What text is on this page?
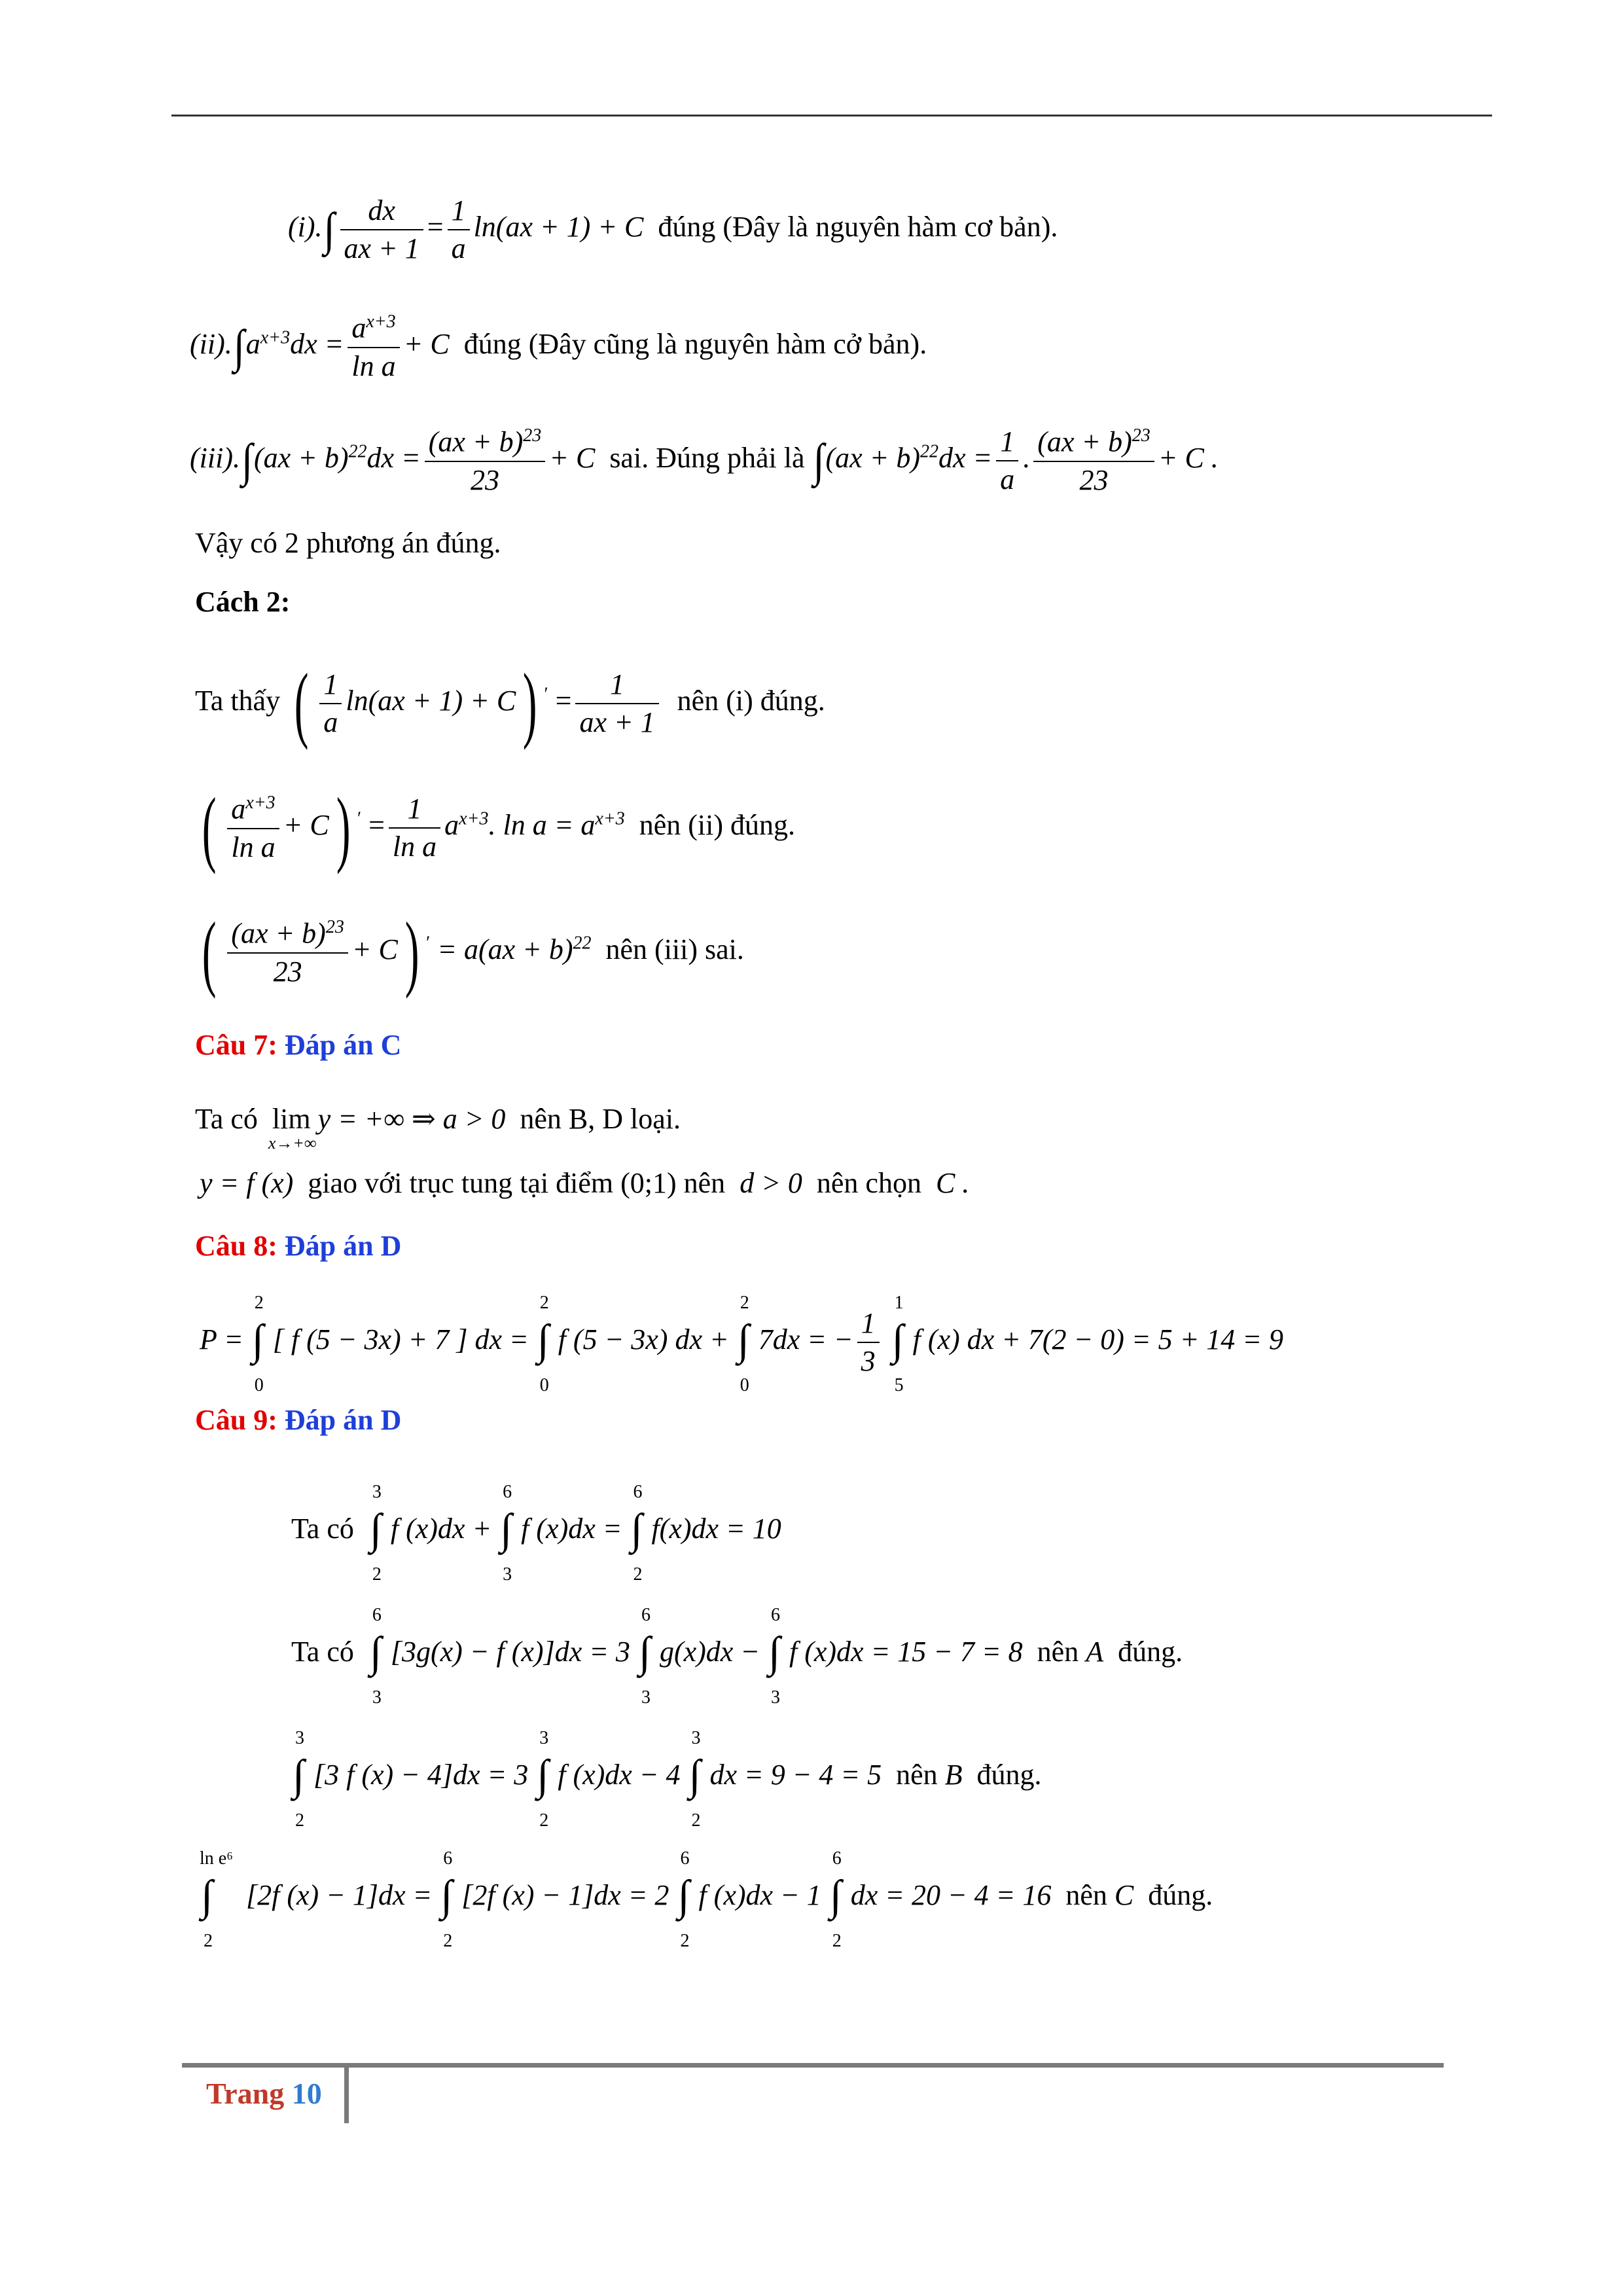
$(i).\int \frac{dx}{ax + 1} = \frac{1}{a} \ln(ax + 1) + C$ đúng (Đây là nguyên hàm cơ bản).
$(ii).\int a^{x+3}dx = \frac{a^{x+3}}{\text{ln a}} + C$ đúng (Đây cũng là nguyên hàm cở bản).
$(iii).\int(ax + b)^{22}dx = \frac{(ax + b)^{23}}{23} + C$ sai. Đúng phải là $\int(ax + b)^{22}dx = \frac{1}{a}$ . $\frac{(ax + b)^{23}}{23} + C$ .
Vậy có 2 phương án đúng.
Cách 2:
Ta thấy ( $\frac{1}{a} \ln(ax + 1) + C$) $' = \frac{1}{ax + 1}$ nên (i) đúng.
( $\frac{a^{x+3}}{\text{ln a}} + C$) $' = \frac{1}{\text{ln a}} a^{x+3}$. $\ln a = a^{x+3}$ nên (ii) đúng.
( $\frac{(ax + b)^{23}}{23} + C$) ′ = a(ax + b)$^{22}$ nên (iii) sai.
Câu 7: Đáp án C
Ta có lim
x→+∞
y = +∞ ⇒ a > 0 nên B, D loại.
y = f (x) giao với trục tung tại điểm (0;1) nên d > 0 nên chọn C .
Câu 8: Đáp án D
P = ∫
2
0
[ f (5 − 3x) + 7 ] dx = ∫
2
0
f (5 − 3x) dx + ∫
2
0
7dx = − $\frac{1}{3}$
∫
1
5
f (x) dx + 7(2 − 0) = 5 + 14 = 9
Câu 9: Đáp án D
Ta có ∫
3
2
f (x)dx + ∫
6
3
f (x)dx = ∫
6
2
f(x)dx = 10
Ta có ∫
6
3
[3g(x) − f (x)]dx = 3 ∫
6
3
g(x)dx − ∫
6
3
f (x)dx = 15 − 7 = 8 nên A đúng.
∫
3
2
[3 f (x) − 4]dx = 3 ∫
3
2
f (x)dx − 4 ∫
3
2
dx = 9 − 4 = 5 nên B đúng.
∫
ln e⁶
2
[2f (x) − 1]dx = ∫
6
2
[2f (x) − 1]dx = 2 ∫
6
2
f (x)dx − 1 ∫
6
2
dx = 20 − 4 = 16 nên C đúng.
Trang 10
